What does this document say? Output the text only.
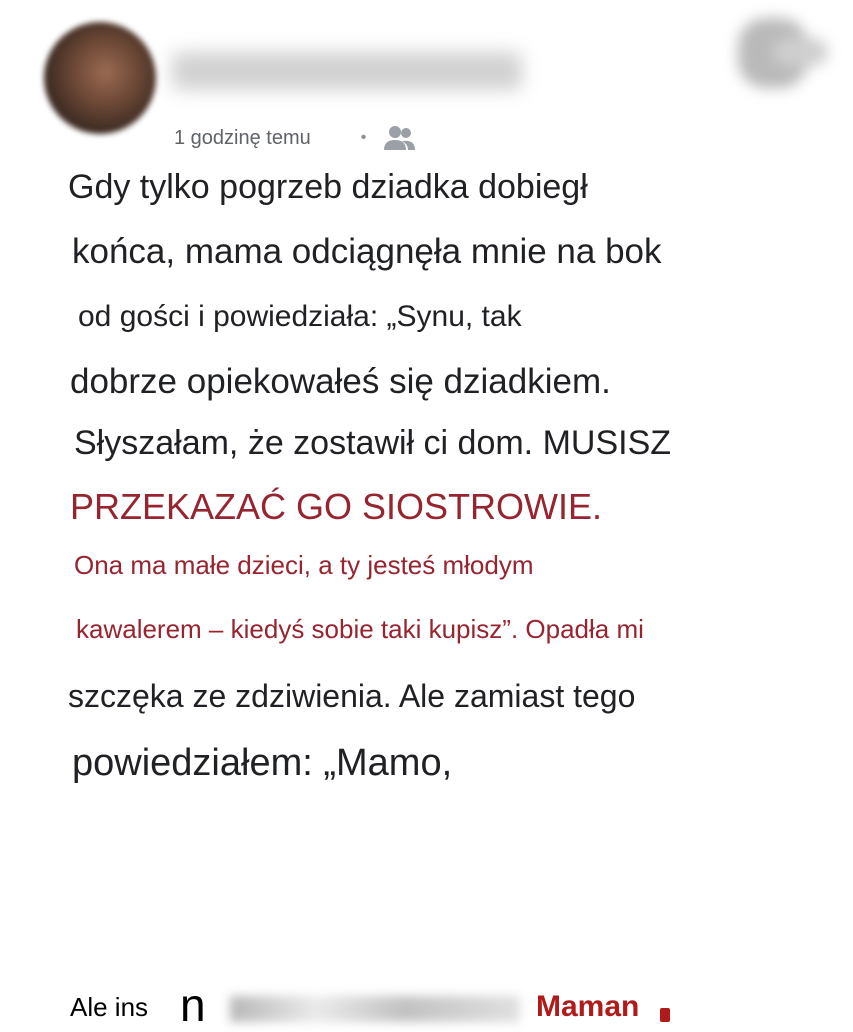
1 godzinę temu	•
Gdy tylko pogrzeb dziadka dobiegł
końca, mama odciągnęła mnie na bok
od gości i powiedziała: „Synu, tak
dobrze opiekowałeś się dziadkiem.
Słyszałam, że zostawił ci dom. MUSISZ
PRZEKAZAĆ GO SIOSTROWIE.
Ona ma małe dzieci, a ty jesteś młodym
kawalerem – kiedyś sobie taki kupisz”. Opadła mi
szczęka ze zdziwienia. Ale zamiast tego
powiedziałem: „Mamo,
Ale ins n	Maman
